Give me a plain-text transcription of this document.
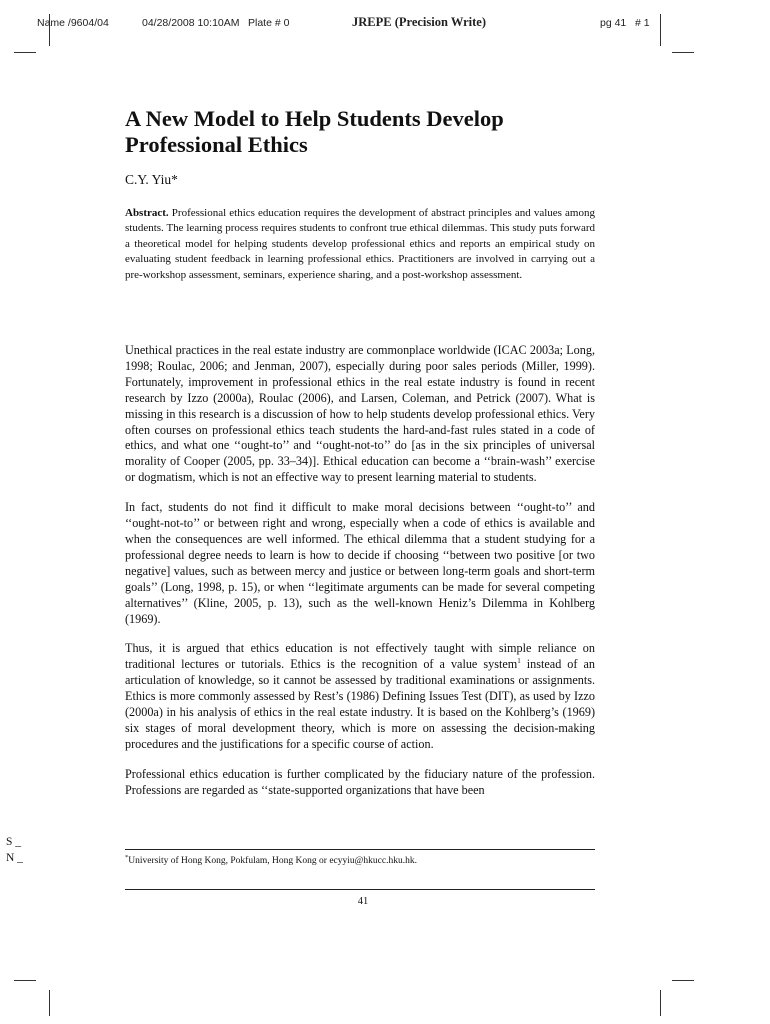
Name /9604/04	04/28/2008 10:10AM Plate # 0	JREPE (Precision Write)	pg 41   # 1
A New Model to Help Students Develop
Professional Ethics
C.Y. Yiu*

Abstract. Professional ethics education requires the development of abstract principles and values among students. The learning process requires students to confront true ethical dilemmas. This study puts forward a theoretical model for helping students develop professional ethics and reports an empirical study on evaluating student feedback in learning professional ethics. Practitioners are involved in carrying out a pre-workshop assessment, seminars, experience sharing, and a post-workshop assessment.

Unethical practices in the real estate industry are commonplace worldwide (ICAC 2003a; Long, 1998; Roulac, 2006; and Jenman, 2007), especially during poor sales periods (Miller, 1999). Fortunately, improvement in professional ethics in the real estate industry is found in recent research by Izzo (2000a), Roulac (2006), and Larsen, Coleman, and Petrick (2007). What is missing in this research is a discussion of how to help students develop professional ethics. Very often courses on professional ethics teach students the hard-and-fast rules stated in a code of ethics, and what one ‘‘ought-to’’ and ‘‘ought-not-to’’ do [as in the six principles of universal morality of Cooper (2005, pp. 33–34)]. Ethical education can become a ‘‘brain-wash’’ exercise or dogmatism, which is not an effective way to present learning material to students.

In fact, students do not find it difficult to make moral decisions between ‘‘ought-to’’ and ‘‘ought-not-to’’ or between right and wrong, especially when a code of ethics is available and when the consequences are well informed. The ethical dilemma that a student studying for a professional degree needs to learn is how to decide if choosing ‘‘between two positive [or two negative] values, such as between mercy and justice or between long-term goals and short-term goals’’ (Long, 1998, p. 15), or when ‘‘legitimate arguments can be made for several competing alternatives’’ (Kline, 2005, p. 13), such as the well-known Heniz’s Dilemma in Kohlberg (1969).

Thus, it is argued that ethics education is not effectively taught with simple reliance on traditional lectures or tutorials. Ethics is the recognition of a value system$^1$ instead of an articulation of knowledge, so it cannot be assessed by traditional examinations or assignments. Ethics is more commonly assessed by Rest’s (1986) Defining Issues Test (DIT), as used by Izzo (2000a) in his analysis of ethics in the real estate industry. It is based on the Kohlberg’s (1969) six stages of moral development theory, which is more on assessing the decision-making procedures and the justifications for a specific course of action.

Professional ethics education is further complicated by the fiduciary nature of the profession. Professions are regarded as ‘‘state-supported organizations that have been

*University of Hong Kong, Pokfulam, Hong Kong or ecyyiu@hkucc.hku.hk.
41
S _
N _
